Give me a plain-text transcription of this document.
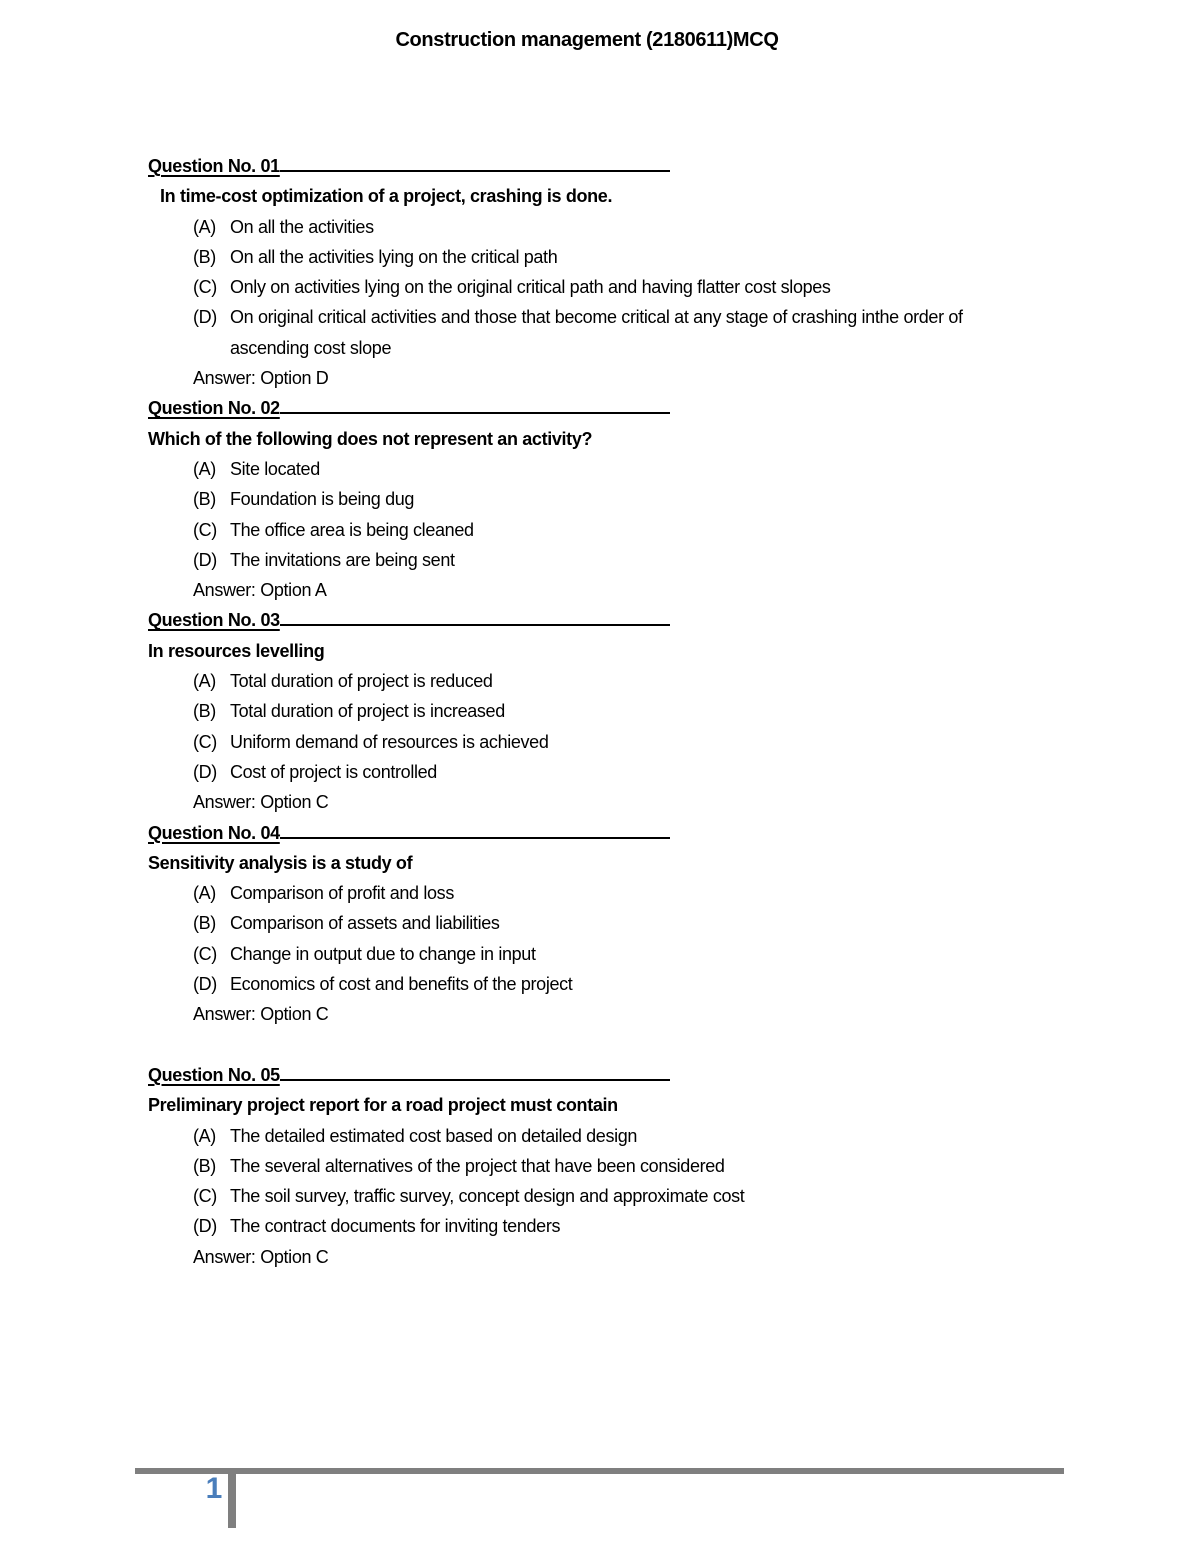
Construction management (2180611)MCQ
Question No. 01

In time-cost optimization of a project, crashing is done.

(A) On all the activities
(B) On all the activities lying on the critical path
(C) Only on activities lying on the original critical path and having flatter cost slopes
(D) On original critical activities and those that become critical at any stage of crashing inthe order of ascending cost slope

Answer: Option D

Question No. 02

Which of the following does not represent an activity?

(A) Site located
(B) Foundation is being dug
(C) The office area is being cleaned
(D) The invitations are being sent

Answer: Option A

Question No. 03

In resources levelling

(A) Total duration of project is reduced
(B) Total duration of project is increased
(C) Uniform demand of resources is achieved
(D) Cost of project is controlled

Answer: Option C

Question No. 04

Sensitivity analysis is a study of

(A) Comparison of profit and loss
(B) Comparison of assets and liabilities
(C) Change in output due to change in input
(D) Economics of cost and benefits of the project

Answer: Option C

Question No. 05

Preliminary project report for a road project must contain

(A) The detailed estimated cost based on detailed design
(B) The several alternatives of the project that have been considered
(C) The soil survey, traffic survey, concept design and approximate cost
(D) The contract documents for inviting tenders

Answer: Option C

1
